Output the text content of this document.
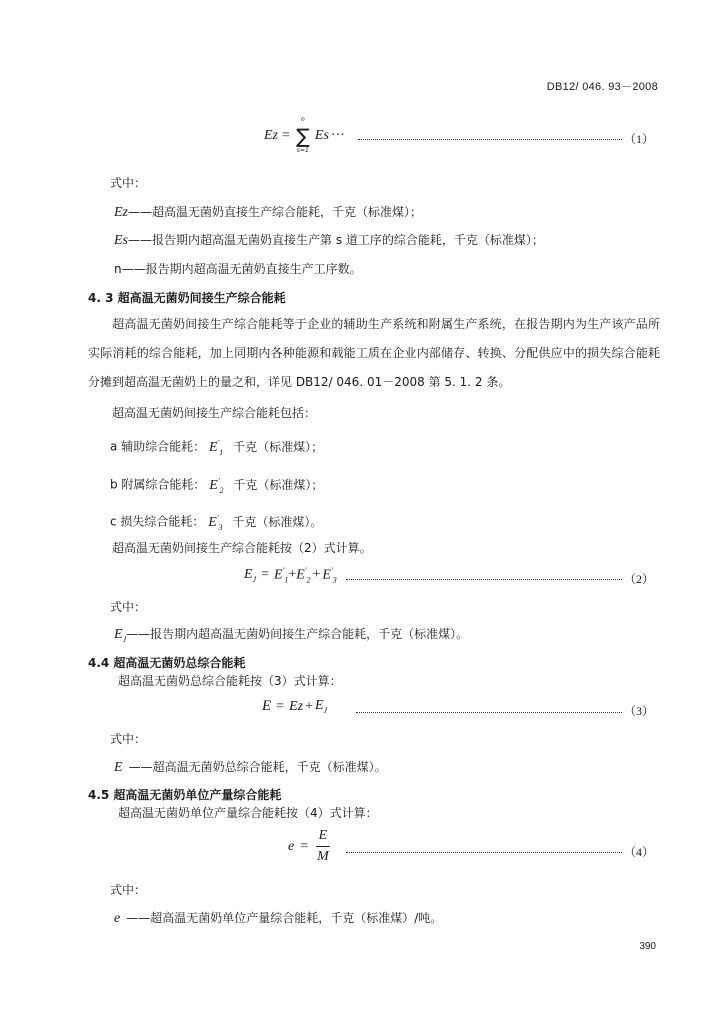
DB12/ 046. 93－2008
Ez =
n
∑
s=1
Es ···	（1）
式中：
Ez——超高温无菌奶直接生产综合能耗，千克（标准煤）；
Es——报告期内超高温无菌奶直接生产第 s 道工序的综合能耗，千克（标准煤）；
n——报告期内超高温无菌奶直接生产工序数。
4. 3 超高温无菌奶间接生产综合能耗
超高温无菌奶间接生产综合能耗等于企业的辅助生产系统和附属生产系统，在报告期内为生产该产品所实际消耗的综合能耗，加上同期内各种能源和载能工质在企业内部储存、转换、分配供应中的损失综合能耗分摊到超高温无菌奶上的量之和，详见 DB12/ 046. 01－2008 第 5. 1. 2 条。
超高温无菌奶间接生产综合能耗包括：
a 辅助综合能耗： $E'_1$ 千克（标准煤）；
b 附属综合能耗： $E'_2$ 千克（标准煤）；
c 损失综合能耗： $E'_3$ 千克（标准煤）。
超高温无菌奶间接生产综合能耗按（2）式计算。
$E_J = E'_1 + E'_2 + E'_3$	（2）
式中：
$E_J——$报告期内超高温无菌奶间接生产综合能耗，千克（标准煤）。
4.4 超高温无菌奶总综合能耗
超高温无菌奶总综合能耗按（3）式计算：
$E = Ez + E_J$	（3）
式中：
E ——超高温无菌奶总综合能耗，千克（标准煤）。
4.5 超高温无菌奶单位产量综合能耗
超高温无菌奶单位产量综合能耗按（4）式计算：
$e = \frac{E}{M}$	（4）
式中：
e ——超高温无菌奶单位产量综合能耗，千克（标准煤）/吨。
390
